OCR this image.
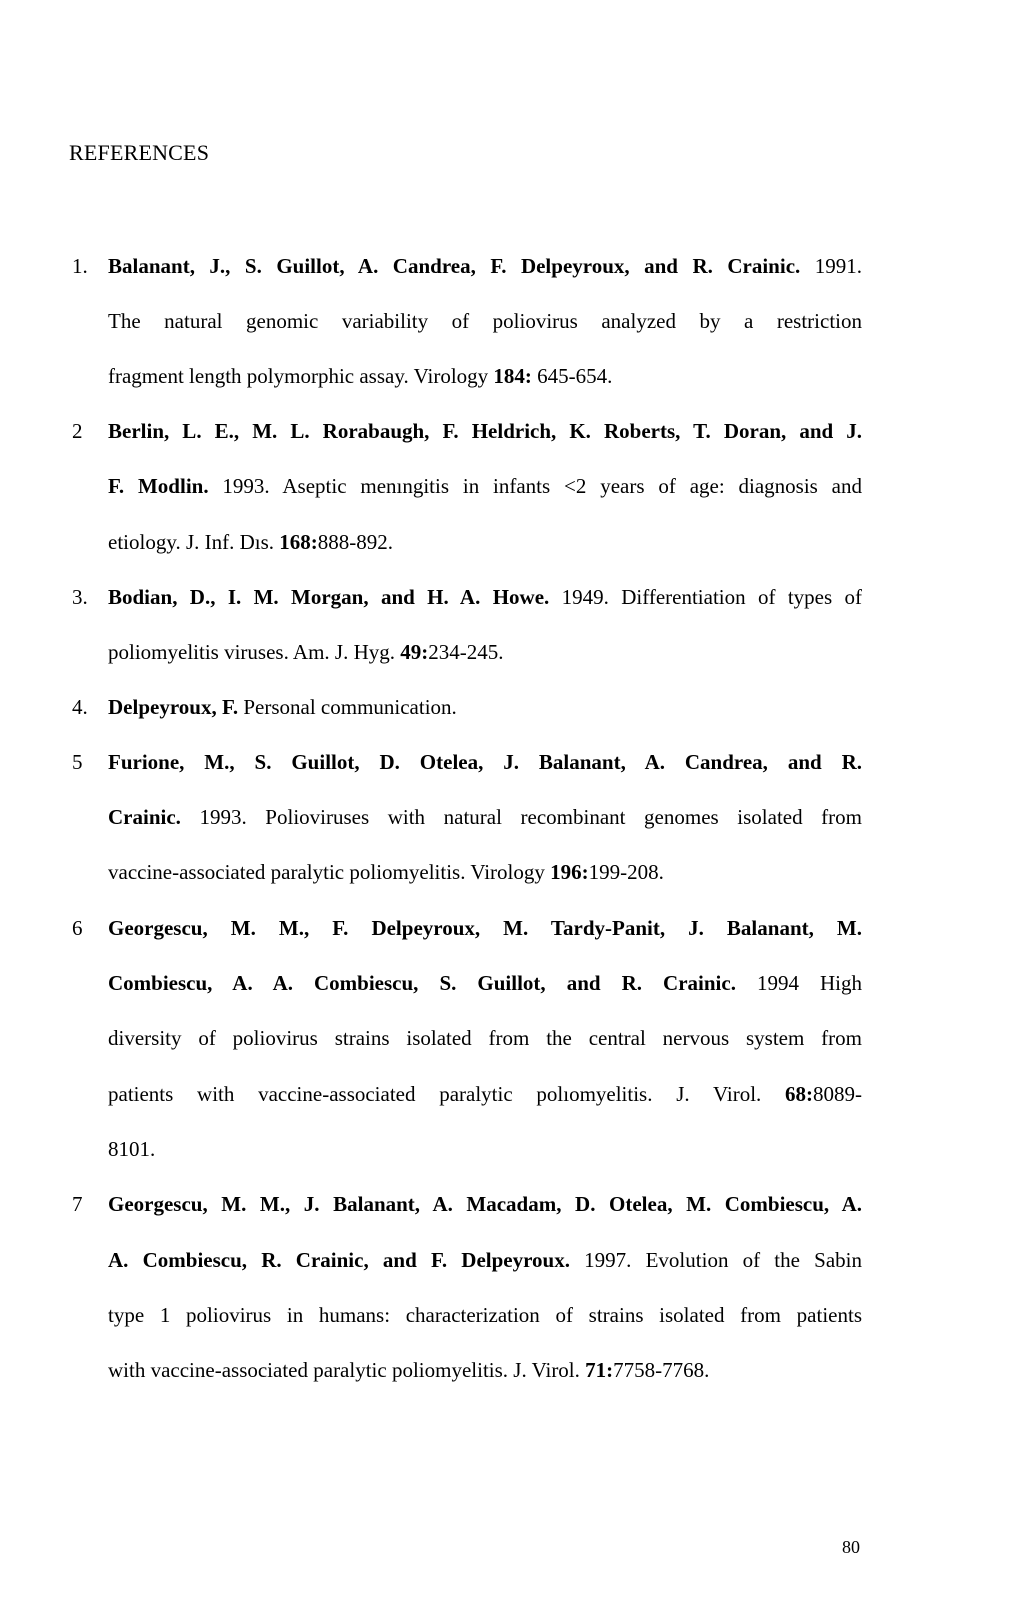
REFERENCES
1. Balanant, J., S. Guillot, A. Candrea, F. Delpeyroux, and R. Crainic. 1991.
The natural genomic variability of poliovirus analyzed by a restriction
fragment length polymorphic assay. Virology 184: 645-654.
2	Berlin, L. E., M. L. Rorabaugh, F. Heldrich, K. Roberts, T. Doran, and J.
F. Modlin. 1993. Aseptic menıngitis in infants <2 years of age: diagnosis and
etiology. J. Inf. Dıs. 168:888-892.
3. Bodian, D., I. M. Morgan, and H. A. Howe. 1949. Differentiation of types of
poliomyelitis viruses. Am. J. Hyg. 49:234-245.
4. Delpeyroux, F. Personal communication.
5	Furione, M., S. Guillot, D. Otelea, J. Balanant, A. Candrea, and R.
Crainic. 1993. Polioviruses with natural recombinant genomes isolated from
vaccine-associated paralytic poliomyelitis. Virology 196:199-208.
6	Georgescu, M. M., F. Delpeyroux, M. Tardy-Panit, J. Balanant, M.
Combiescu, A. A. Combiescu, S. Guillot, and R. Crainic. 1994 High
diversity of poliovirus strains isolated from the central nervous system from
patients with vaccine-associated paralytic polıomyelitis. J. Virol. 68:8089-
8101.
7	Georgescu, M. M., J. Balanant, A. Macadam, D. Otelea, M. Combiescu, A.
A. Combiescu, R. Crainic, and F. Delpeyroux. 1997. Evolution of the Sabin
type 1 poliovirus in humans: characterization of strains isolated from patients
with vaccine-associated paralytic poliomyelitis. J. Virol. 71:7758-7768.
80
